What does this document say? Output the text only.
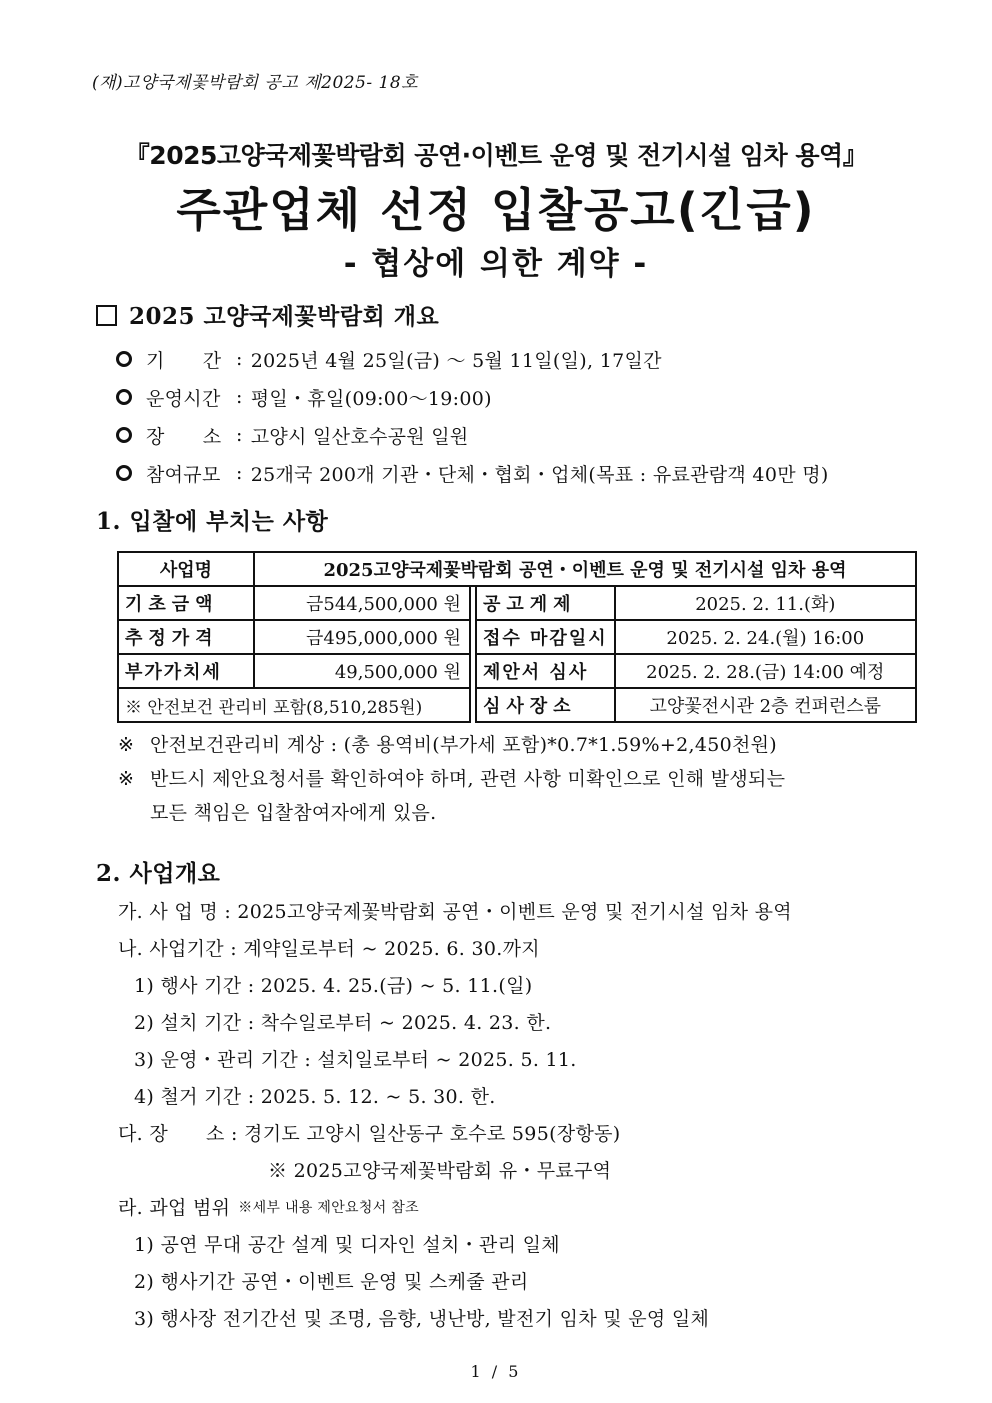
(재)고양국제꽃박람회 공고 제2025- 18호
『2025고양국제꽃박람회 공연·이벤트 운영 및 전기시설 임차 용역』
주관업체 선정 입찰공고(긴급)
- 협상에 의한 계약 -
2025 고양국제꽃박람회 개요
기      간 : 2025년 4월 25일(금) ～ 5월 11일(일), 17일간
운영시간 : 평일・휴일(09:00～19:00)
장      소 : 고양시 일산호수공원 일원
참여규모 : 25개국 200개 기관・단체・협회・업체(목표 : 유료관람객 40만 명)
1. 입찰에 부치는 사항
사업명	2025고양국제꽃박람회 공연・이벤트 운영 및 전기시설 임차 용역			
기초금액	금544,500,000 원		공고게제	2025. 2. 11.(화)
추정가격	금495,000,000 원		접수 마감일시	2025. 2. 24.(월) 16:00
부가가치세	49,500,000 원		제안서 심사	2025. 2. 28.(금) 14:00 예정
※ 안전보건 관리비 포함(8,510,285원)			심사장소	고양꽃전시관 2층 컨퍼런스룸
※ 안전보건관리비 계상 : (총 용역비(부가세 포함)*0.7*1.59%+2,450천원)
※ 반드시 제안요청서를 확인하여야 하며, 관련 사항 미확인으로 인해 발생되는
모든 책임은 입찰참여자에게 있음.
2. 사업개요
가. 사 업 명 : 2025고양국제꽃박람회 공연・이벤트 운영 및 전기시설 임차 용역
나. 사업기간 : 계약일로부터 ~ 2025. 6. 30.까지
1) 행사 기간 : 2025. 4. 25.(금) ~ 5. 11.(일)
2) 설치 기간 : 착수일로부터 ~ 2025. 4. 23. 한.
3) 운영・관리 기간 : 설치일로부터 ~ 2025. 5. 11.
4) 철거 기간 : 2025. 5. 12. ~ 5. 30. 한.
다. 장      소 : 경기도 고양시 일산동구 호수로 595(장항동)
※ 2025고양국제꽃박람회 유・무료구역
라. 과업 범위 ※세부 내용 제안요청서 참조
1) 공연 무대 공간 설계 및 디자인 설치・관리 일체
2) 행사기간 공연・이벤트 운영 및 스케줄 관리
3) 행사장 전기간선 및 조명, 음향, 냉난방, 발전기 임차 및 운영 일체
1 / 5
